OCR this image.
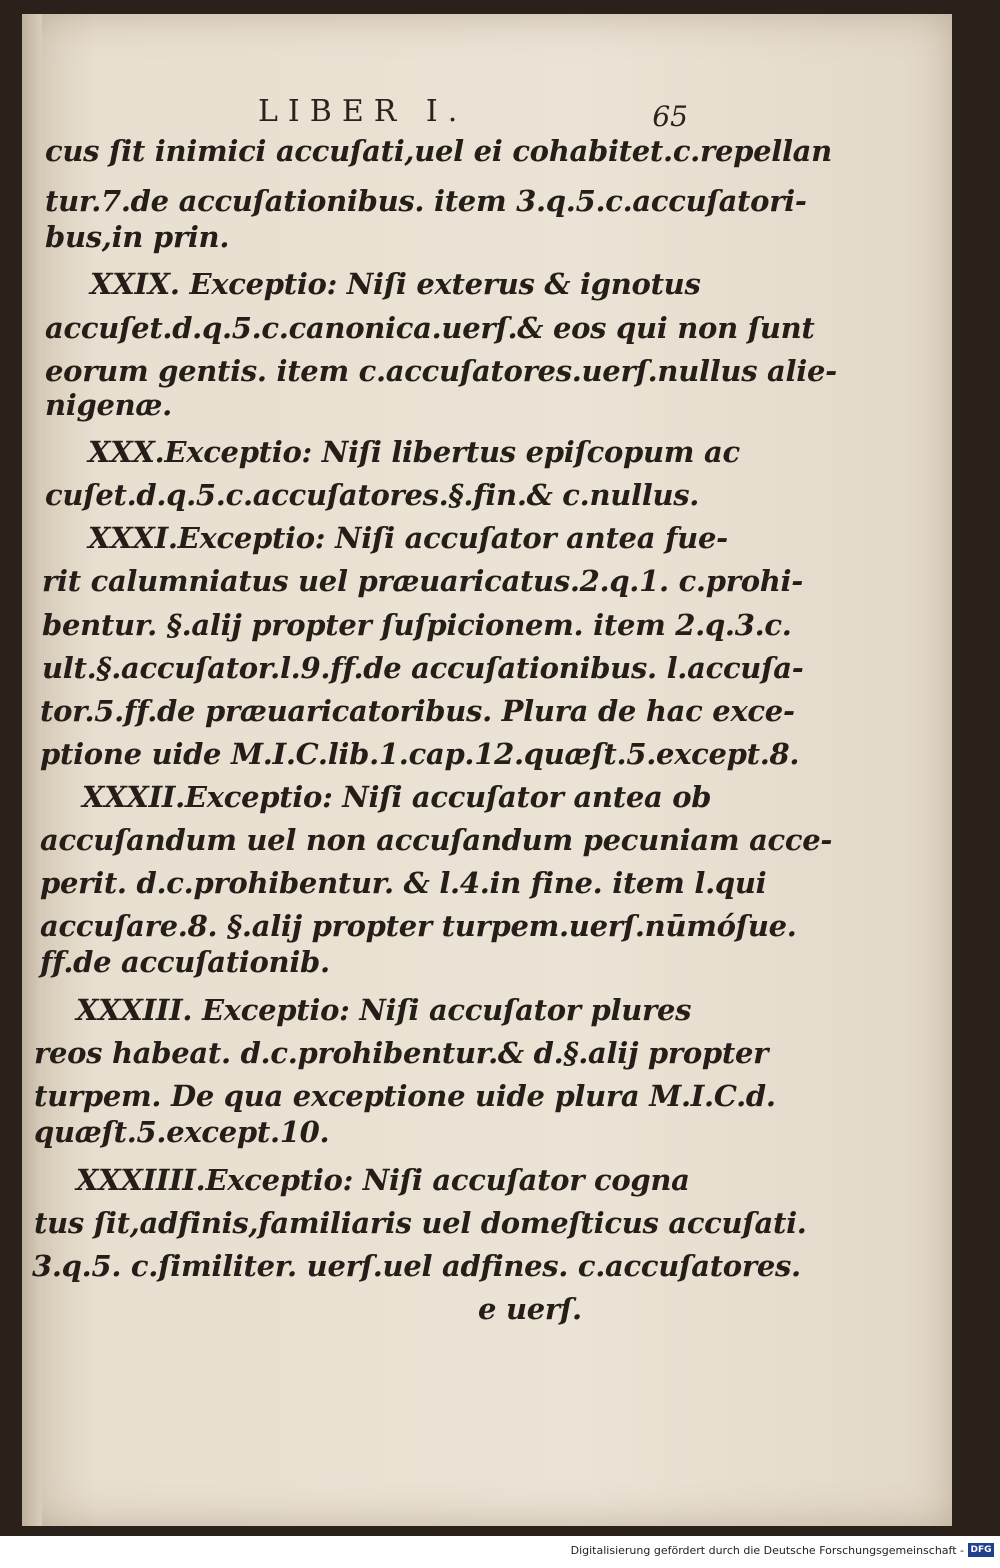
LIBER I.	65
cus ſit inimici accuſati,uel ei cohabitet.c.repellan
tur.7.de accuſationibus. item 3.q.5.c.accuſatori-
bus,in prin.
XXIX. Exceptio: Niſi exterus & ignotus
accuſet.d.q.5.c.canonica.uerſ.& eos qui non ſunt
eorum gentis. item c.accuſatores.uerſ.nullus alie-
nigenæ.
XXX.Exceptio: Niſi libertus epiſcopum ac
cuſet.d.q.5.c.accuſatores.§.fin.& c.nullus.
XXXI.Exceptio: Niſi accuſator antea fue-
rit calumniatus uel præuaricatus.2.q.1. c.prohi-
bentur. §.alij propter ſuſpicionem. item 2.q.3.c.
ult.§.accuſator.l.9.ff.de accuſationibus. l.accuſa-
tor.5.ff.de præuaricatoribus. Plura de hac exce-
ptione uide M.I.C.lib.1.cap.12.quæſt.5.except.8.
XXXII.Exceptio: Niſi accuſator antea ob
accuſandum uel non accuſandum pecuniam acce-
perit. d.c.prohibentur. & l.4.in fine. item l.qui
accuſare.8. §.alij propter turpem.uerſ.nūmóſue.
ff.de accuſationib.
XXXIII. Exceptio: Niſi accuſator plures
reos habeat. d.c.prohibentur.& d.§.alij propter
turpem. De qua exceptione uide plura M.I.C.d.
quæſt.5.except.10.
XXXIIII.Exceptio: Niſi accuſator cogna
tus ſit,adfinis,familiaris uel domeſticus accuſati.
3.q.5. c.ſimiliter. uerſ.uel adfines. c.accuſatores.
e uerſ.
Digitalisierung gefördert durch die Deutsche Forschungsgemeinschaft - DFG
